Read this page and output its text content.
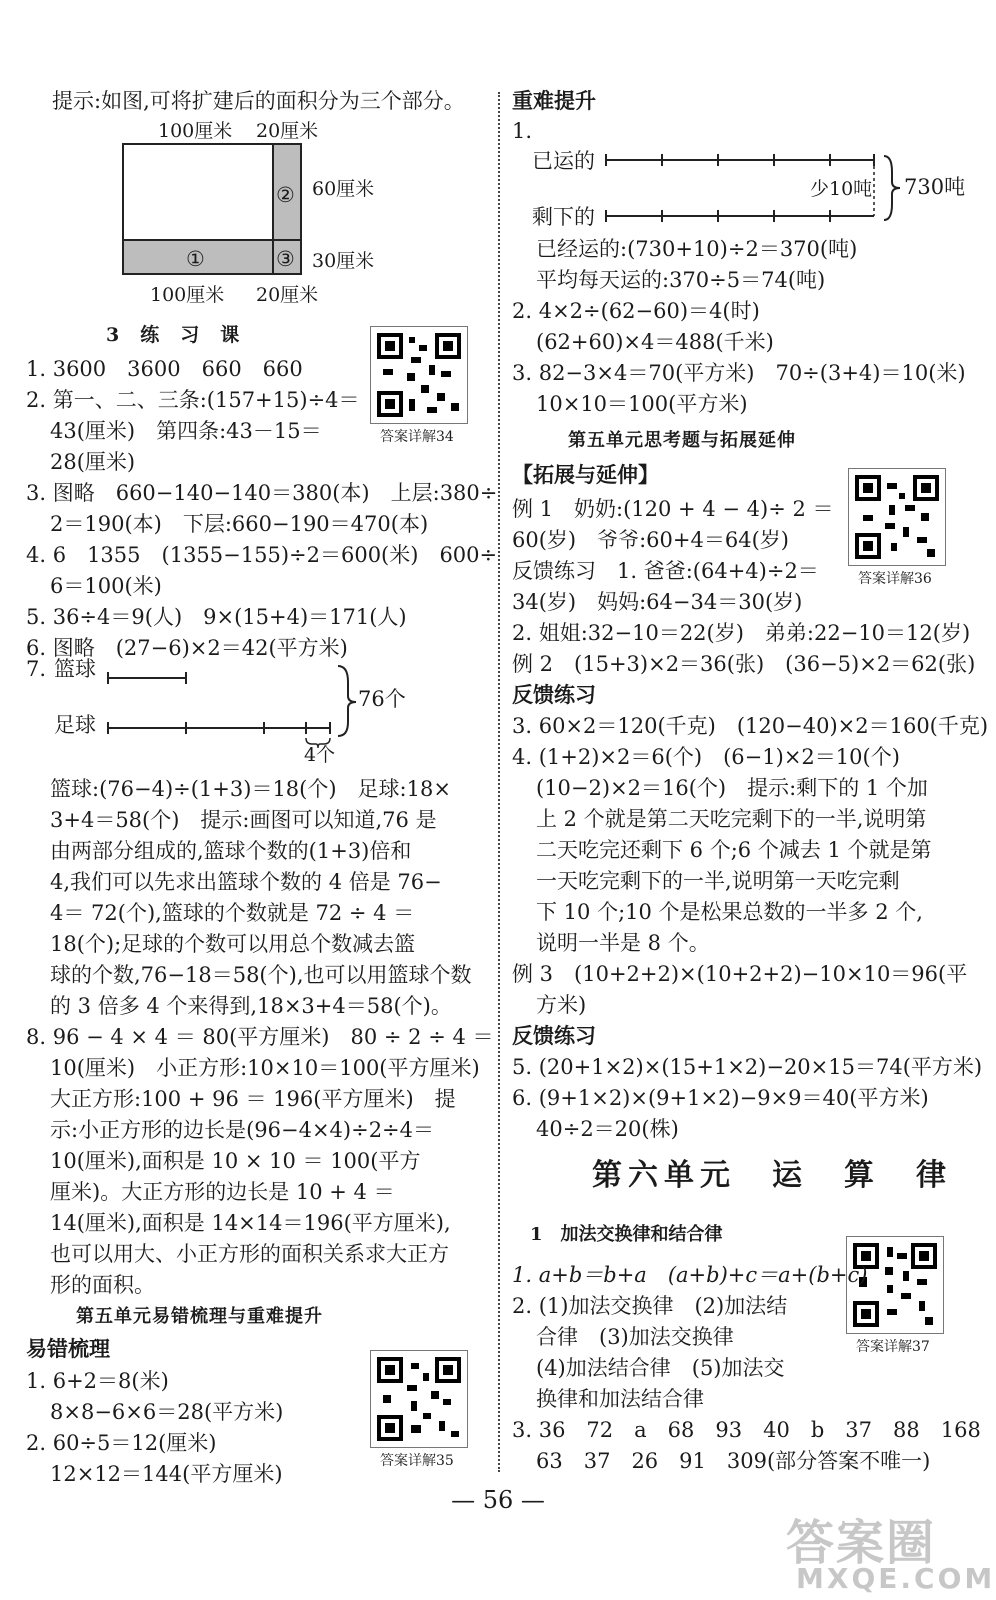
提示:如图,可将扩建后的面积分为三个部分。
100厘米 20厘米
60厘米
30厘米
100厘米 20厘米
①
②
③
3　练　习　课
答案详解34
1. 3600　3600　660　660
2. 第一、二、三条:(157+15)÷4＝
43(厘米)　第四条:43－15＝
28(厘米)
3. 图略　660−140−140＝380(本)　上层:380÷
2＝190(本)　下层:660−190＝470(本)
4. 6　1355　(1355−155)÷2＝600(米)　600÷
6＝100(米)
5. 36÷4＝9(人)　9×(15+4)＝171(人)
6. 图略　(27−6)×2＝42(平方米)
7. 篮球
足球
76个
4个
篮球:(76−4)÷(1+3)＝18(个)　足球:18×
3+4＝58(个)　提示:画图可以知道,76 是
由两部分组成的,篮球个数的(1+3)倍和
4,我们可以先求出篮球个数的 4 倍是 76−
4＝ 72(个),篮球的个数就是 72 ÷ 4 ＝
18(个);足球的个数可以用总个数减去篮
球的个数,76−18＝58(个),也可以用篮球个数
的 3 倍多 4 个来得到,18×3+4＝58(个)。
8. 96 − 4 × 4 ＝ 80(平方厘米)　80 ÷ 2 ÷ 4 ＝
10(厘米)　小正方形:10×10＝100(平方厘米)
大正方形:100 + 96 ＝ 196(平方厘米)　提
示:小正方形的边长是(96−4×4)÷2÷4＝
10(厘米),面积是 10 × 10 ＝ 100(平方
厘米)。大正方形的边长是 10 + 4 ＝
14(厘米),面积是 14×14＝196(平方厘米),
也可以用大、小正方形的面积关系求大正方
形的面积。
第五单元易错梳理与重难提升
易错梳理
答案详解35
1. 6+2＝8(米)
8×8−6×6＝28(平方米)
2. 60÷5＝12(厘米)
12×12＝144(平方厘米)
重难提升
1.
已运的
剩下的
少10吨 730吨
已经运的:(730+10)÷2＝370(吨)
平均每天运的:370÷5＝74(吨)
2. 4×2÷(62−60)＝4(时)
(62+60)×4＝488(千米)
3. 82−3×4＝70(平方米)　70÷(3+4)＝10(米)
10×10＝100(平方米)
第五单元思考题与拓展延伸
【拓展与延伸】
答案详解36
例 1　奶奶:(120 + 4 − 4)÷ 2 ＝
60(岁)　爷爷:60+4＝64(岁)
反馈练习　1. 爸爸:(64+4)÷2＝
34(岁)　妈妈:64−34＝30(岁)
2. 姐姐:32−10＝22(岁)　弟弟:22−10＝12(岁)
例 2　(15+3)×2＝36(张)　(36−5)×2＝62(张)
反馈练习
3. 60×2＝120(千克)　(120−40)×2＝160(千克)
4. (1+2)×2＝6(个)　(6−1)×2＝10(个)
(10−2)×2＝16(个)　提示:剩下的 1 个加
上 2 个就是第二天吃完剩下的一半,说明第
二天吃完还剩下 6 个;6 个减去 1 个就是第
一天吃完剩下的一半,说明第一天吃完剩
下 10 个;10 个是松果总数的一半多 2 个,
说明一半是 8 个。
例 3　(10+2+2)×(10+2+2)−10×10＝96(平
方米)
反馈练习
5. (20+1×2)×(15+1×2)−20×15＝74(平方米)
6. (9+1×2)×(9+1×2)−9×9＝40(平方米)
40÷2＝20(株)
第六单元　运　算　律
1　加法交换律和结合律
答案详解37
1. a+b＝b+a　(a+b)+c＝a+(b+c)
2. (1)加法交换律　(2)加法结
合律　(3)加法交换律
(4)加法结合律　(5)加法交
换律和加法结合律
3. 36　72　a　68　93　40　b　37　88　168
63　37　26　91　309(部分答案不唯一)
— 56 —
答案圈
MXQE.COM
